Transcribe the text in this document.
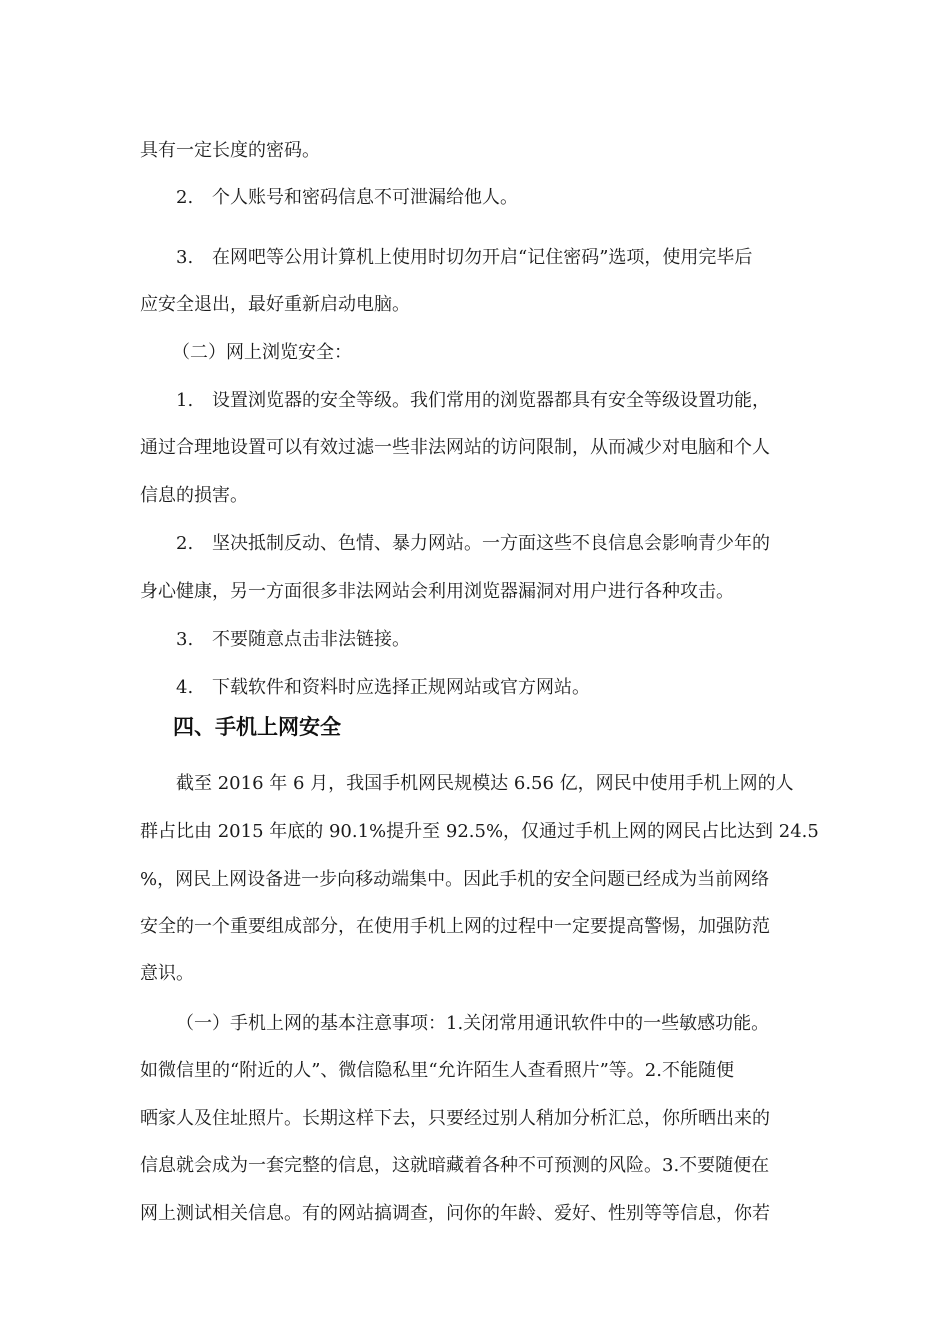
具有一定长度的密码。
2. 个人账号和密码信息不可泄漏给他人。
3. 在网吧等公用计算机上使用时切勿开启“记住密码”选项，使用完毕后
应安全退出，最好重新启动电脑。
（二）网上浏览安全：
1. 设置浏览器的安全等级。我们常用的浏览器都具有安全等级设置功能，
通过合理地设置可以有效过滤一些非法网站的访问限制，从而减少对电脑和个人
信息的损害。
2. 坚决抵制反动、色情、暴力网站。一方面这些不良信息会影响青少年的
身心健康，另一方面很多非法网站会利用浏览器漏洞对用户进行各种攻击。
3. 不要随意点击非法链接。
4. 下载软件和资料时应选择正规网站或官方网站。
四、手机上网安全
截至 2016 年 6 月，我国手机网民规模达 6.56 亿，网民中使用手机上网的人
群占比由 2015 年底的 90.1%提升至 92.5%，仅通过手机上网的网民占比达到 24.5
%，网民上网设备进一步向移动端集中。因此手机的安全问题已经成为当前网络
安全的一个重要组成部分，在使用手机上网的过程中一定要提高警惕，加强防范
意识。
（一）手机上网的基本注意事项：1.关闭常用通讯软件中的一些敏感功能。
如微信里的“附近的人”、微信隐私里“允许陌生人查看照片”等。2.不能随便
晒家人及住址照片。长期这样下去，只要经过别人稍加分析汇总，你所晒出来的
信息就会成为一套完整的信息，这就暗藏着各种不可预测的风险。3.不要随便在
网上测试相关信息。有的网站搞调查，问你的年龄、爱好、性别等等信息，你若
